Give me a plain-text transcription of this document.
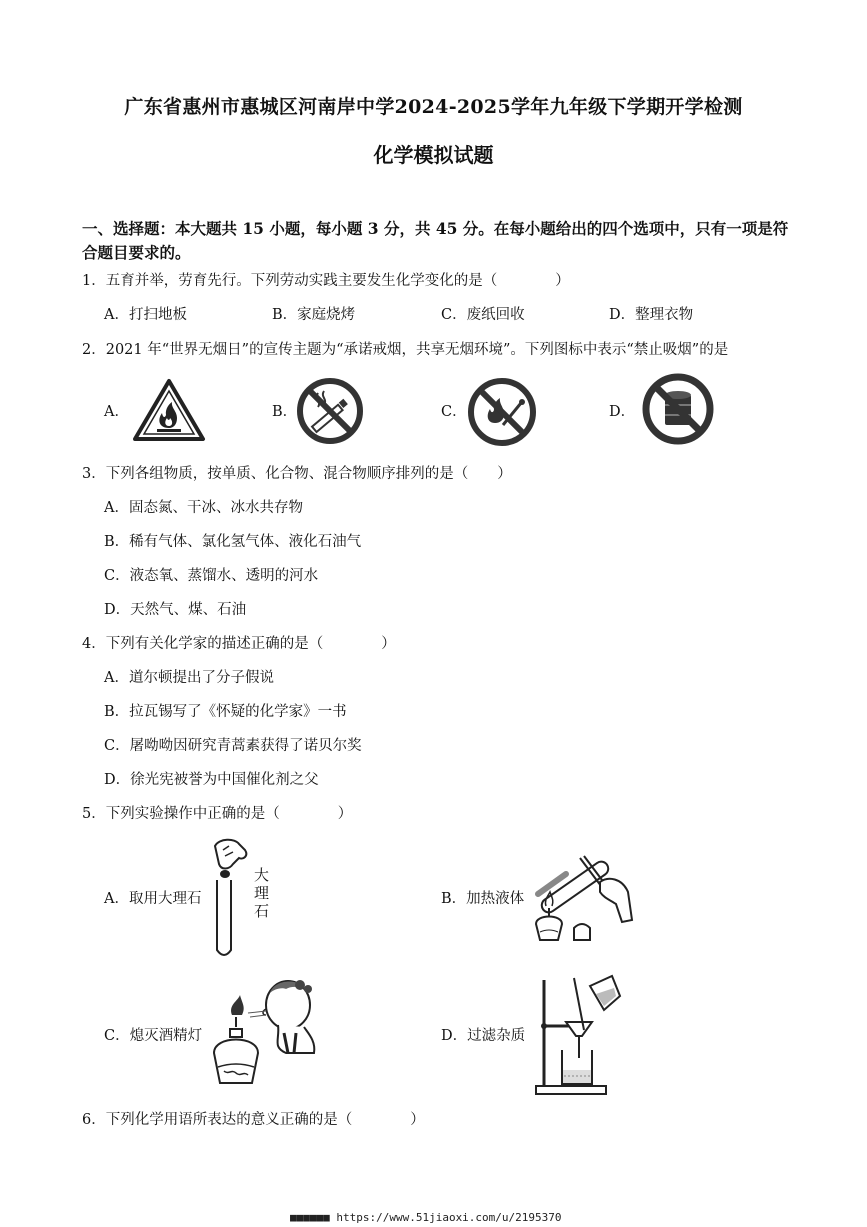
广东省惠州市惠城区河南岸中学2024-2025学年九年级下学期开学检测
化学模拟试题
一、选择题：本大题共 15 小题，每小题 3 分，共 45 分。在每小题给出的四个选项中，只有一项是符合题目要求的。
1．五育并举，劳育先行。下列劳动实践主要发生化学变化的是（　　　　）
A．打扫地板	B．家庭烧烤	C．废纸回收	D．整理衣物
2．2021 年“世界无烟日”的宣传主题为“承诺戒烟，共享无烟环境”。下列图标中表示“禁止吸烟”的是
A．	B．	C．	D．
3．下列各组物质，按单质、化合物、混合物顺序排列的是（　　）
A．固态氮、干冰、冰水共存物
B．稀有气体、氯化氢气体、液化石油气
C．液态氧、蒸馏水、透明的河水
D．天然气、煤、石油
4．下列有关化学家的描述正确的是（　　　　）
A．道尔顿提出了分子假说
B．拉瓦锡写了《怀疑的化学家》一书
C．屠呦呦因研究青蒿素获得了诺贝尔奖
D．徐光宪被誉为中国催化剂之父
5．下列实验操作中正确的是（　　　　）
A．取用大理石
大
理
石
B．加热液体
C．熄灭酒精灯	D．过滤杂质
6．下列化学用语所表达的意义正确的是（　　　　）
■■■■■■ https://www.51jiaoxi.com/u/2195370
